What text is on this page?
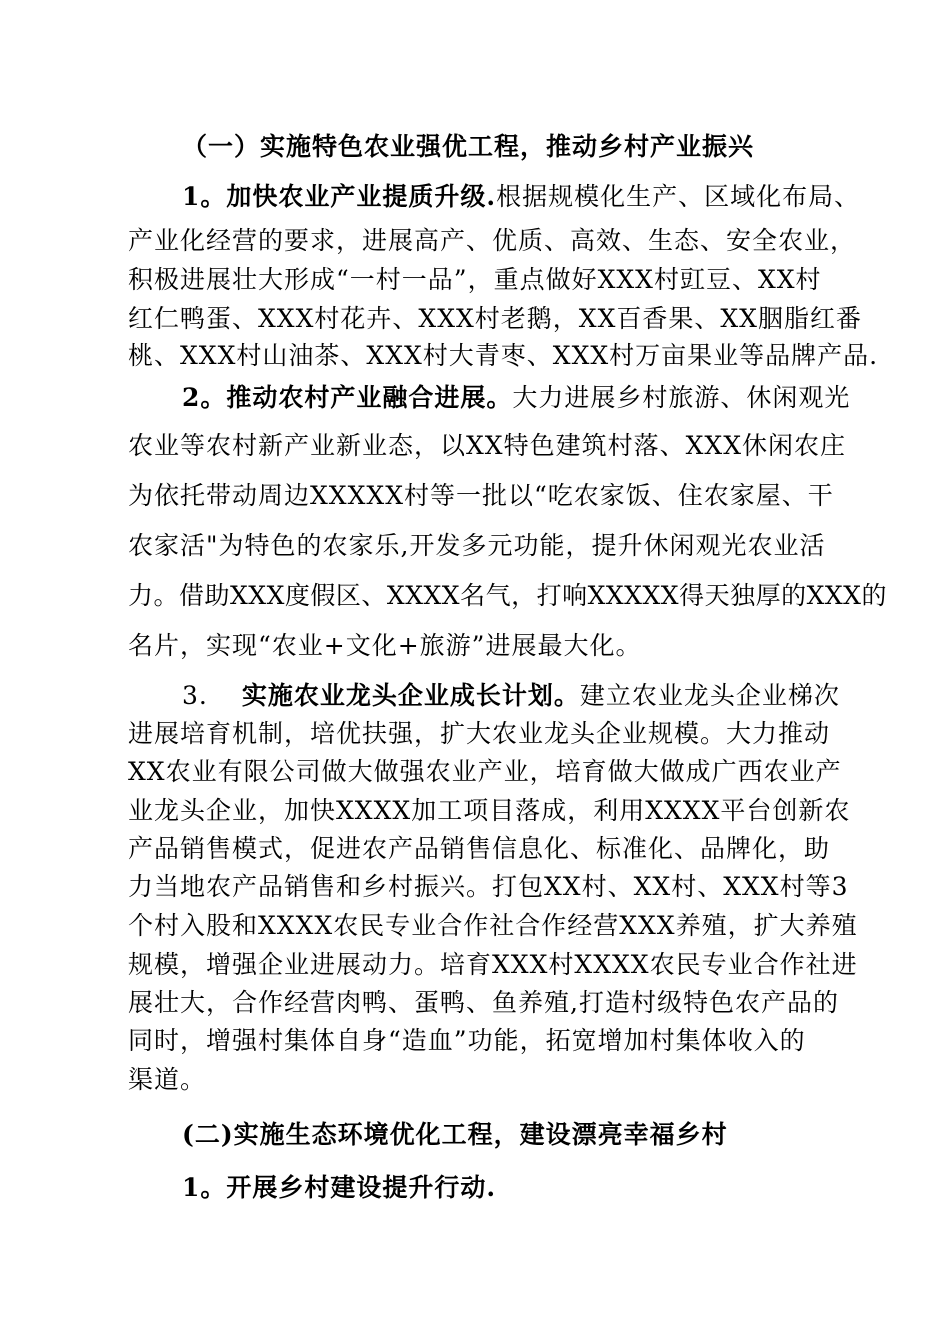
（一）实施特色农业强优工程，推动乡村产业振兴

1。加快农业产业提质升级.根据规模化生产、区域化布局、

产业化经营的要求，进展高产、优质、高效、生态、安全农业，

积极进展壮大形成“一村一品”，重点做好XXX村豇豆、XX村

红仁鸭蛋、XXX村花卉、XXX村老鹅，XX百香果、XX胭脂红番

桃、XXX村山油茶、XXX村大青枣、XXX村万亩果业等品牌产品.

2。推动农村产业融合进展。大力进展乡村旅游、休闲观光

农业等农村新产业新业态，以XX特色建筑村落、XXX休闲农庄

为依托带动周边XXXXX村等一批以“吃农家饭、住农家屋、干

农家活"为特色的农家乐,开发多元功能，提升休闲观光农业活

力。借助XXX度假区、XXXX名气，打响XXXXX得天独厚的XXX的

名片，实现“农业+文化+旅游”进展最大化。

3. 实施农业龙头企业成长计划。建立农业龙头企业梯次

进展培育机制，培优扶强，扩大农业龙头企业规模。大力推动

XX农业有限公司做大做强农业产业，培育做大做成广西农业产

业龙头企业，加快XXXX加工项目落成，利用XXXX平台创新农

产品销售模式，促进农产品销售信息化、标准化、品牌化，助

力当地农产品销售和乡村振兴。打包XX村、XX村、XXX村等3

个村入股和XXXX农民专业合作社合作经营XXX养殖，扩大养殖

规模，增强企业进展动力。培育XXX村XXXX农民专业合作社进

展壮大，合作经营肉鸭、蛋鸭、鱼养殖,打造村级特色农产品的

同时，增强村集体自身“造血”功能，拓宽增加村集体收入的

渠道。

(二)实施生态环境优化工程，建设漂亮幸福乡村

1。开展乡村建设提升行动.
